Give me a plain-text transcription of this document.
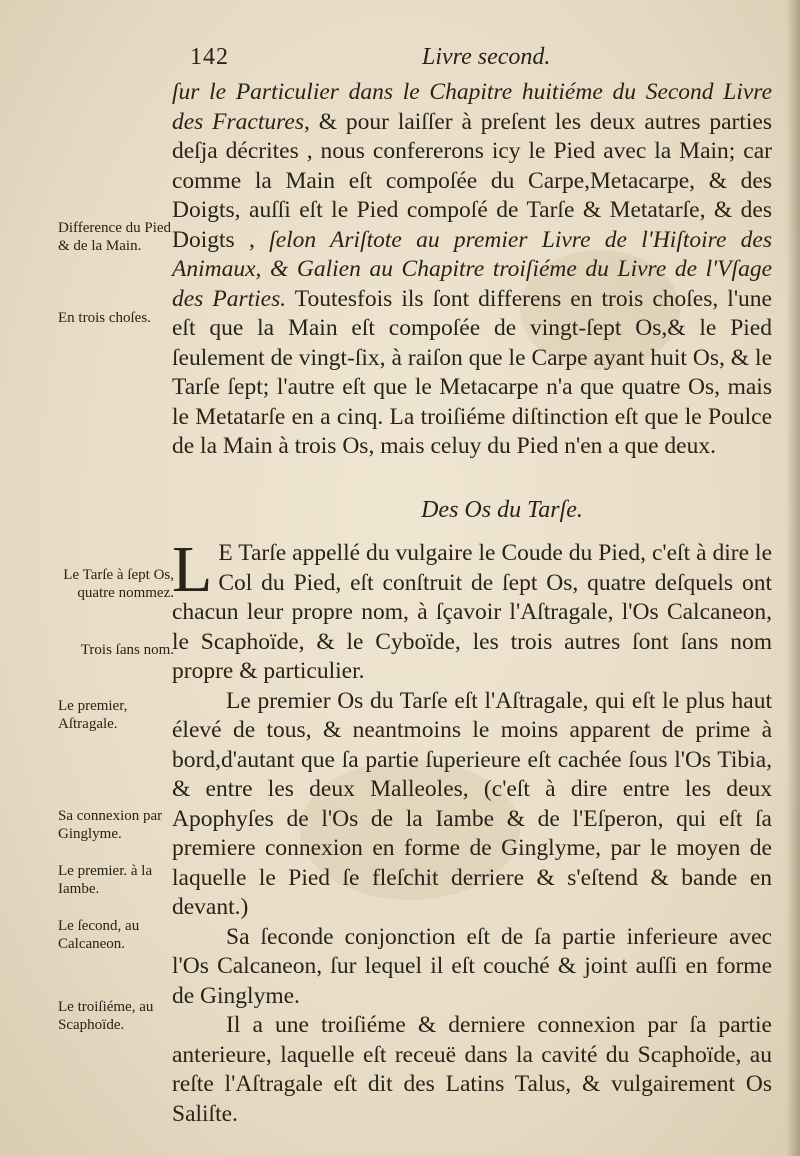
142	Livre second.
Difference du Pied & de la Main.
En trois choſes.
Le Tarſe à ſept Os, quatre nommez.
Trois ſans nom.
Le premier, Aſtragale.
Sa connexion par Ginglyme.
Le premier. à la Iambe.
Le ſecond, au Calcaneon.
Le troiſiéme, au Scaphoïde.

ſur le Particulier dans le Chapitre huitiéme du Second Livre des Fractures, & pour laiſſer à preſent les deux autres parties deſja décrites , nous confererons icy le Pied avec la Main; car comme la Main eſt compoſée du Carpe,Metacarpe, & des Doigts, auſſi eſt le Pied compoſé de Tarſe & Metatarſe, & des Doigts , ſelon Ariſtote au premier Livre de l'Hiſtoire des Animaux, & Galien au Chapitre troiſiéme du Livre de l'Vſage des Parties. Toutesfois ils ſont differens en trois choſes, l'une eſt que la Main eſt compoſée de vingt-ſept Os,& le Pied ſeulement de vingt-ſix, à raiſon que le Carpe ayant huit Os, & le Tarſe ſept; l'autre eſt que le Metacarpe n'a que quatre Os, mais le Metatarſe en a cinq. La troiſiéme diſtinction eſt que le Poulce de la Main à trois Os, mais celuy du Pied n'en a que deux.

Des Os du Tarſe.

L E Tarſe appellé du vulgaire le Coude du Pied, c'eſt à dire le Col du Pied, eſt conſtruit de ſept Os, quatre deſquels ont chacun leur propre nom, à ſçavoir l'Aſtragale, l'Os Calcaneon, le Scaphoïde, & le Cyboïde, les trois autres ſont ſans nom propre & particulier.

Le premier Os du Tarſe eſt l'Aſtragale, qui eſt le plus haut élevé de tous, & neantmoins le moins apparent de prime à bord,d'autant que ſa partie ſuperieure eſt cachée ſous l'Os Tibia, & entre les deux Malleoles, (c'eſt à dire entre les deux Apophyſes de l'Os de la Iambe & de l'Eſperon, qui eſt ſa premiere connexion en forme de Ginglyme, par le moyen de laquelle le Pied ſe fleſchit derriere & s'eſtend & bande en devant.)

Sa ſeconde conjonction eſt de ſa partie inferieure avec l'Os Calcaneon, ſur lequel il eſt couché & joint auſſi en forme de Ginglyme.

Il a une troiſiéme & derniere connexion par ſa partie anterieure, laquelle eſt receuë dans la cavité du Scaphoïde, au reſte l'Aſtragale eſt dit des Latins Talus, & vulgairement Os Saliſte.
